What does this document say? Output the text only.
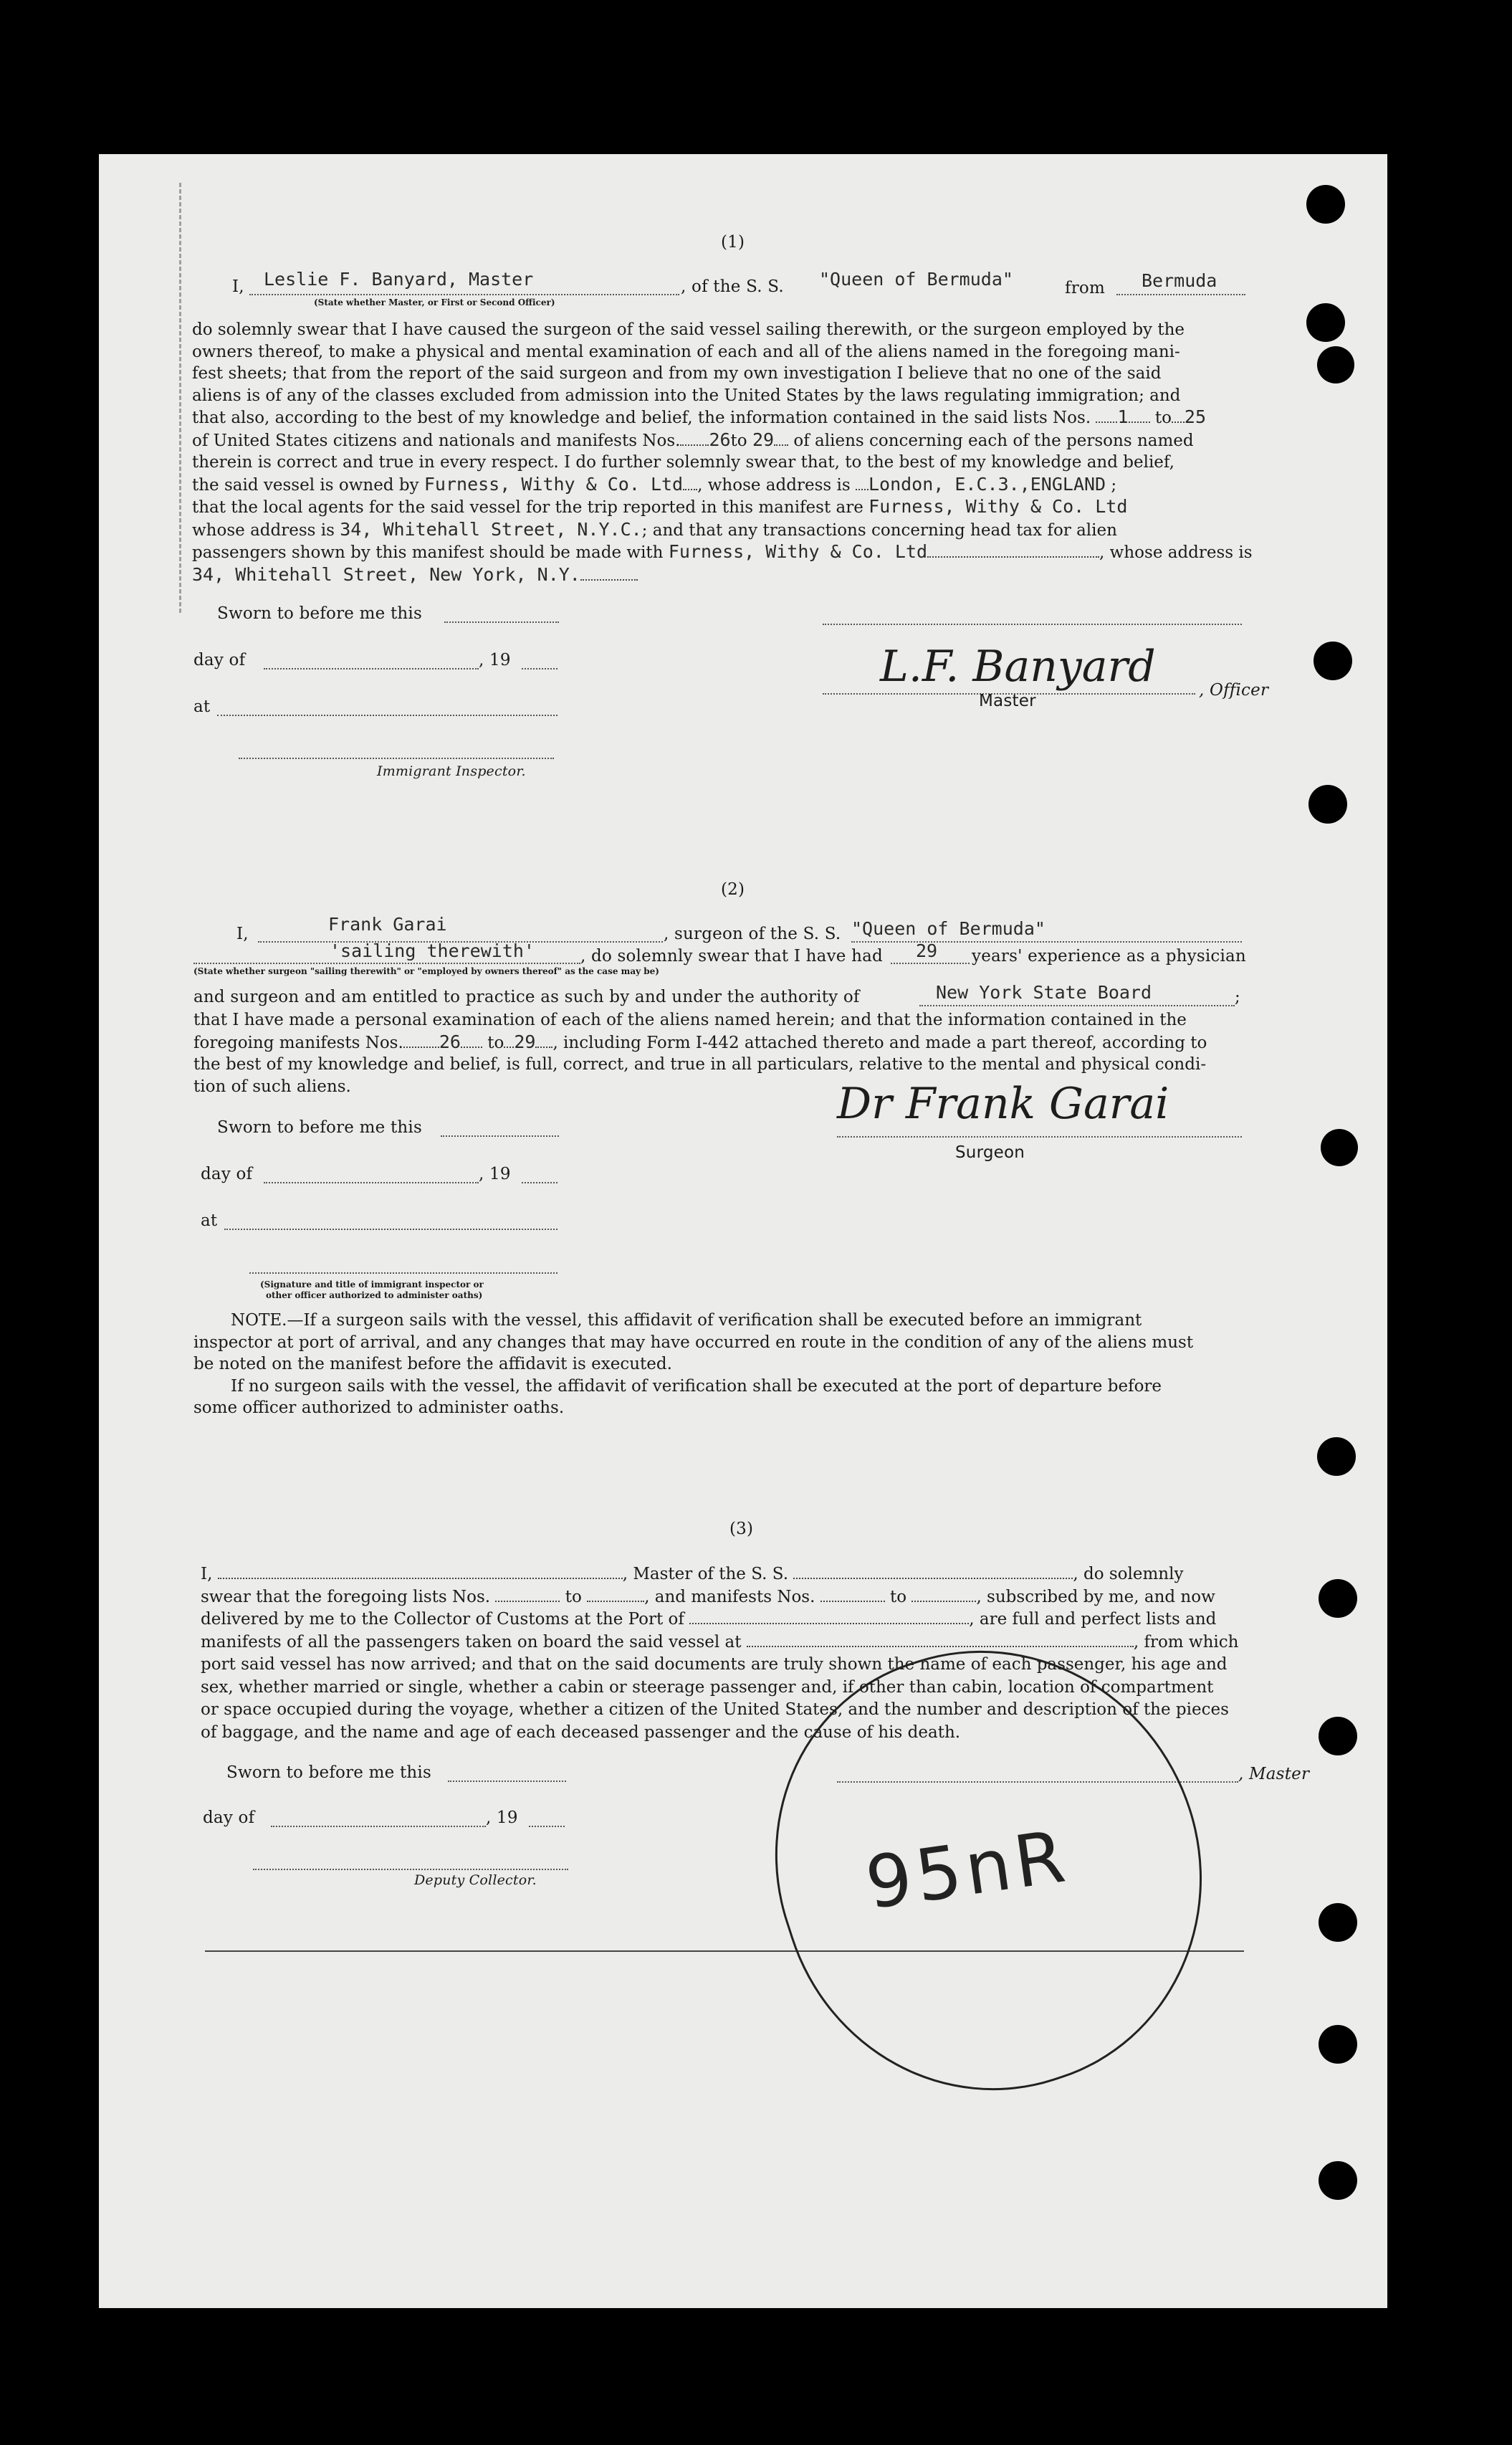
(1)
I, Leslie F. Banyard, Master
(State whether Master, or First or Second Officer)
, of the S. S. "Queen of Bermuda"	from Bermuda
do solemnly swear that I have caused the surgeon of the said vessel sailing therewith, or the surgeon employed by the
owners thereof, to make a physical and mental examination of each and all of the aliens named in the foregoing mani-
fest sheets; that from the report of the said surgeon and from my own investigation I believe that no one of the said
aliens is of any of the classes excluded from admission into the United States by the laws regulating immigration; and
that also, according to the best of my knowledge and belief, the information contained in the said lists Nos. 1 to 25
of United States citizens and nationals and manifests Nos. 26to 29 of aliens concerning each of the persons named
therein is correct and true in every respect. I do further solemnly swear that, to the best of my knowledge and belief,
the said vessel is owned by Furness, Withy & Co. Ltd , whose address is London, E.C.3.,ENGLAND ;
that the local agents for the said vessel for the trip reported in this manifest are Furness, Withy & Co. Ltd
whose address is 34, Whitehall Street, N.Y.C.; and that any transactions concerning head tax for alien
passengers shown by this manifest should be made with Furness, Withy & Co. Ltd	, whose address is
34, Whitehall Street, New York, N.Y.
Sworn to before me this
day of	, 19
at
Immigrant Inspector.
L.F. Banyard	, Officer
Master
(2)
I,	Frank Garai	, surgeon of the S. S. "Queen of Bermuda"
'sailing therewith'	, do solemnly swear that I have had 29 years' experience as a physician
(State whether surgeon "sailing therewith" or "employed by owners thereof" as the case may be)
and surgeon and am entitled to practice as such by and under the authority of	New York State Board	;
that I have made a personal examination of each of the aliens named herein; and that the information contained in the
foregoing manifests Nos. 26 to 29 , including Form I-442 attached thereto and made a part thereof, according to
the best of my knowledge and belief, is full, correct, and true in all particulars, relative to the mental and physical condi-
tion of such aliens.
Sworn to before me this
day of	, 19
at
(Signature and title of immigrant inspector or
other officer authorized to administer oaths)
Dr Frank Garai
Surgeon
NOTE.—If a surgeon sails with the vessel, this affidavit of verification shall be executed before an immigrant
inspector at port of arrival, and any changes that may have occurred en route in the condition of any of the aliens must
be noted on the manifest before the affidavit is executed.
If no surgeon sails with the vessel, the affidavit of verification shall be executed at the port of departure before
some officer authorized to administer oaths.
(3)
I,	, Master of the S. S.	, do solemnly
swear that the foregoing lists Nos.	to	, and manifests Nos.	to	, subscribed by me, and now
delivered by me to the Collector of Customs at the Port of	, are full and perfect lists and
manifests of all the passengers taken on board the said vessel at	, from which
port said vessel has now arrived; and that on the said documents are truly shown the name of each passenger, his age and
sex, whether married or single, whether a cabin or steerage passenger and, if other than cabin, location of compartment
or space occupied during the voyage, whether a citizen of the United States, and the number and description of the pieces
of baggage, and the name and age of each deceased passenger and the cause of his death.
Sworn to before me this
day of	, 19
Deputy Collector.
, Master
95nR
